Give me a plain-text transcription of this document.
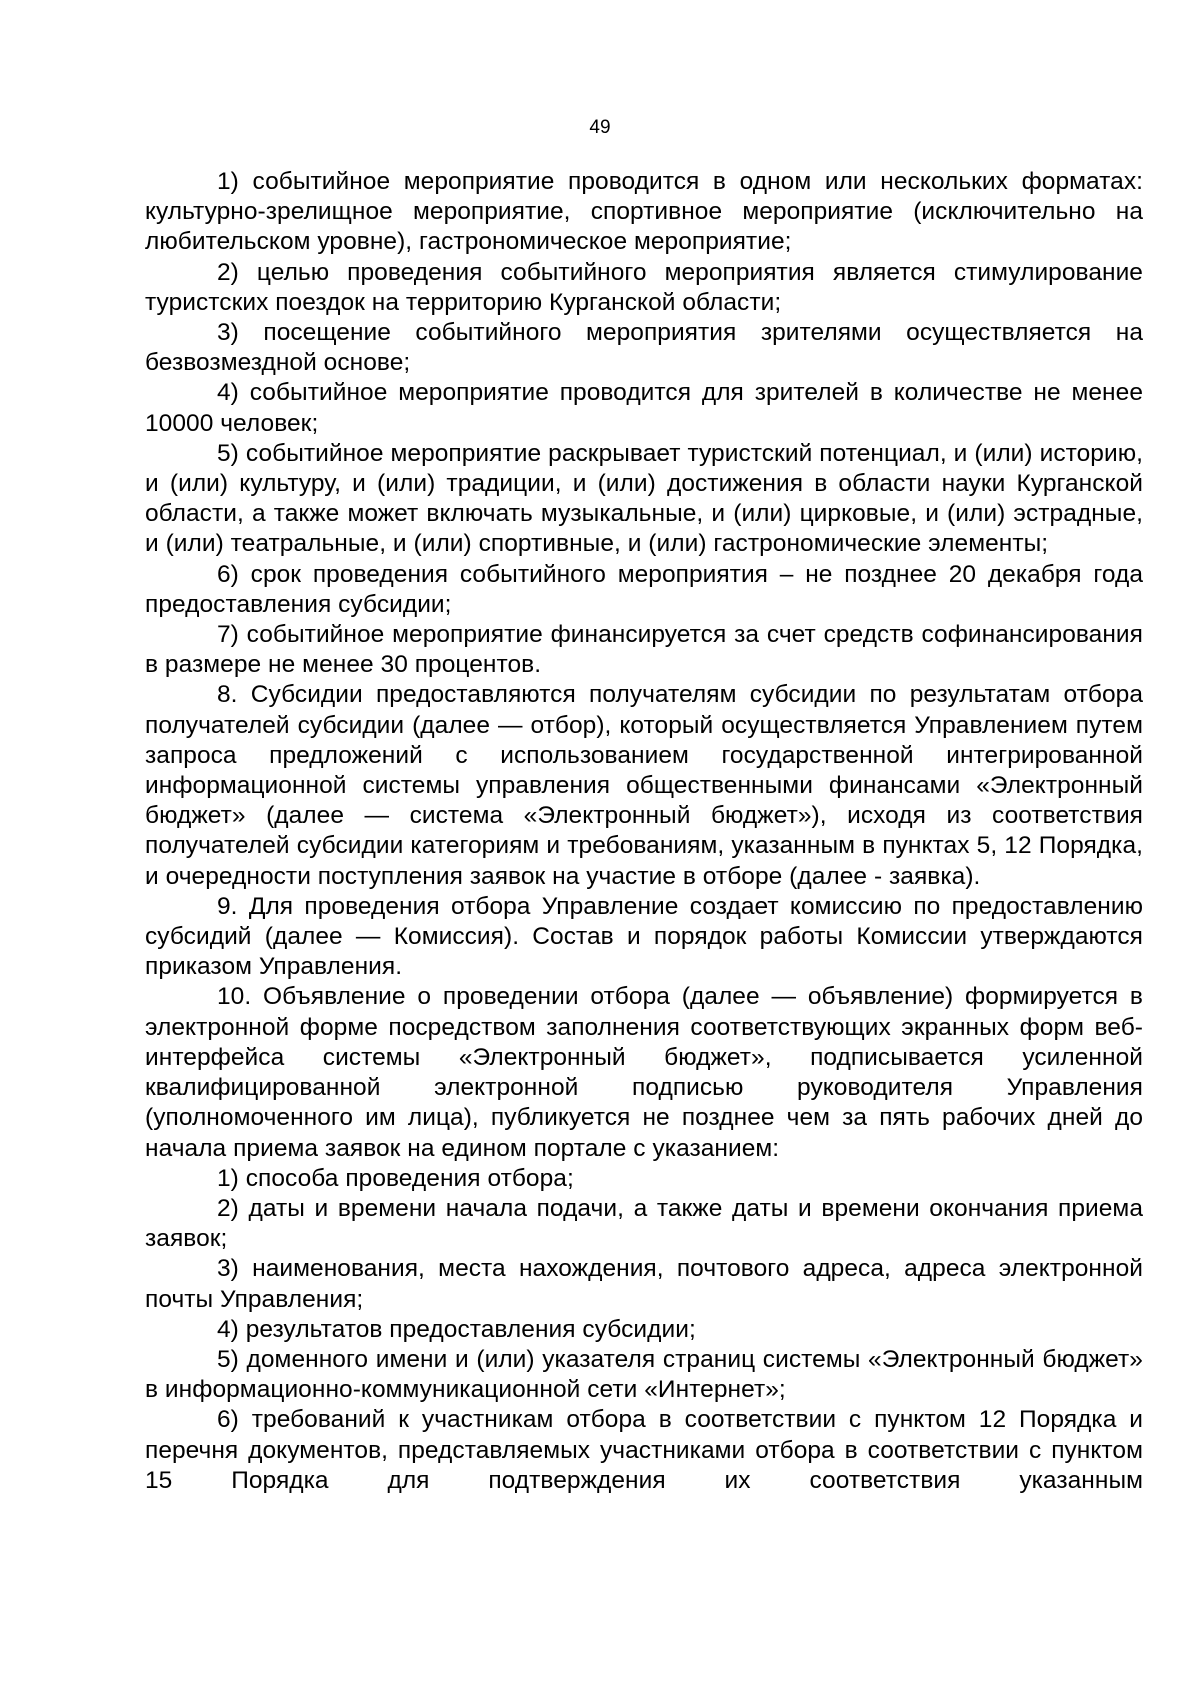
49

1) событийное мероприятие проводится в одном или нескольких форматах: культурно-зрелищное мероприятие, спортивное мероприятие (исключительно на любительском уровне), гастрономическое мероприятие;

2) целью проведения событийного мероприятия является стимулирование туристских поездок на территорию Курганской области;

3) посещение событийного мероприятия зрителями осуществляется на безвозмездной основе;

4) событийное мероприятие проводится для зрителей в количестве не менее 10000 человек;

5) событийное мероприятие раскрывает туристский потенциал, и (или) историю, и (или) культуру, и (или) традиции, и (или) достижения в области науки Курганской области, а также может включать музыкальные, и (или) цирковые, и (или) эстрадные, и (или) театральные, и (или) спортивные, и (или) гастрономические элементы;

6) срок проведения событийного мероприятия – не позднее 20 декабря года предоставления субсидии;

7) событийное мероприятие финансируется за счет средств софинансирования в размере не менее 30 процентов.

8. Субсидии предоставляются получателям субсидии по результатам отбора получателей субсидии (далее — отбор), который осуществляется Управлением путем запроса предложений с использованием государственной интегрированной информационной системы управления общественными финансами «Электронный бюджет» (далее — система «Электронный бюджет»), исходя из соответствия получателей субсидии категориям и требованиям, указанным в пунктах 5, 12 Порядка, и очередности поступления заявок на участие в отборе (далее - заявка).

9. Для проведения отбора Управление создает комиссию по предоставлению субсидий (далее — Комиссия). Состав и порядок работы Комиссии утверждаются приказом Управления.

10. Объявление о проведении отбора (далее — объявление) формируется в электронной форме посредством заполнения соответствующих экранных форм веб-интерфейса системы «Электронный бюджет», подписывается усиленной квалифицированной электронной подписью руководителя Управления (уполномоченного им лица), публикуется не позднее чем за пять рабочих дней до начала приема заявок на едином портале с указанием:

1) способа проведения отбора;

2) даты и времени начала подачи, а также даты и времени окончания приема заявок;

3) наименования, места нахождения, почтового адреса, адреса электронной почты Управления;

4) результатов предоставления субсидии;

5) доменного имени и (или) указателя страниц системы «Электронный бюджет» в информационно-коммуникационной сети «Интернет»;

6) требований к участникам отбора в соответствии с пунктом 12 Порядка и перечня документов, представляемых участниками отбора в соответствии с пунктом 15 Порядка для подтверждения их соответствия указанным
